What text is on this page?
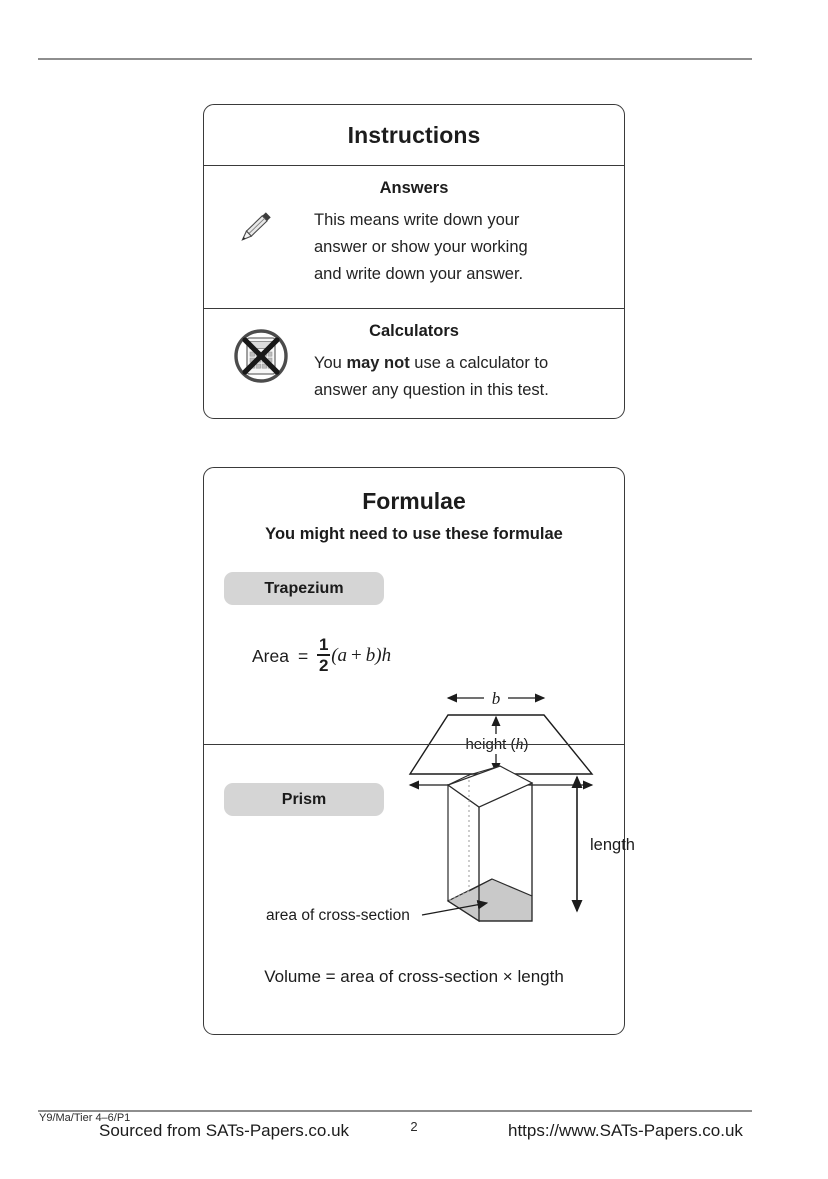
Instructions
Answers
This means write down your
answer or show your working
and write down your answer.
Calculators
You may not use a calculator to
answer any question in this test.
Formulae
You might need to use these formulae
Trapezium
Area = $\frac{1}{2}$ ( a + b ) h
b
height (h)
Prism
length
area of cross-section
Volume = area of cross-section × length
Y9/Ma/Tier 4–6/P1
2
Sourced from SATs-Papers.co.uk	https://www.SATs-Papers.co.uk
